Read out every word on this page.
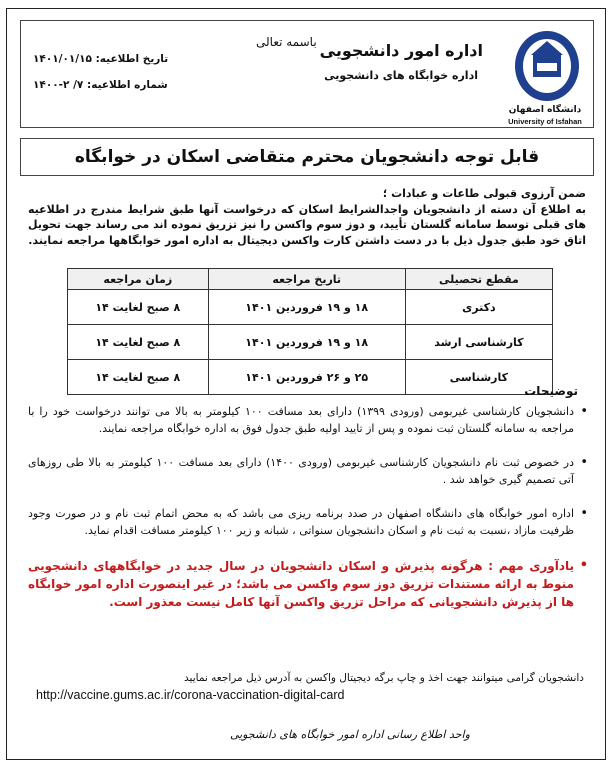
دانشگاه اصفهان
University of Isfahan
اداره امور دانشجویی
اداره خوابگاه های دانشجویی
باسمه تعالی
تاریخ اطلاعیه: ۱۴۰۱/۰۱/۱۵
شماره اطلاعیه: ۷/ ۲-۱۴۰۰
قابل توجه دانشجویان محترم متقاضی اسکان در خوابگاه

ضمن آرزوی قبولی طاعات و عبادات ؛

به اطلاع آن دسته از دانشجویان واجدالشرایط اسکان که درخواست آنها طبق شرایط مندرج در اطلاعیه های قبلی توسط سامانه گلستان تأیید، و دوز سوم واکسن را نیز تزریق نموده اند می رساند جهت تحویل اتاق خود طبق جدول ذیل با در دست داشتن کارت واکسن دیجیتال به اداره امور خوابگاهها مراجعه نمایند.

مقطع تحصیلی	تاریخ مراجعه	زمان مراجعه
دکتری	۱۸ و ۱۹ فروردین ۱۴۰۱	۸ صبح لغایت ۱۴
کارشناسی ارشد	۱۸ و ۱۹ فروردین ۱۴۰۱	۸ صبح لغایت ۱۴
کارشناسی	۲۵ و ۲۶ فروردین ۱۴۰۱	۸ صبح لغایت ۱۴
توضیحات
•
دانشجویان کارشناسی غیربومی (ورودی ۱۳۹۹) دارای بعد مسافت ۱۰۰ کیلومتر به بالا می توانند درخواست خود را با مراجعه به سامانه گلستان ثبت نموده و پس از تایید اولیه طبق جدول فوق به اداره خوابگاه مراجعه نمایند.
•
در خصوص ثبت نام دانشجویان کارشناسی غیربومی (ورودی ۱۴۰۰) دارای بعد مسافت ۱۰۰ کیلومتر به بالا طی روزهای آتی تصمیم گیری خواهد شد .
•
اداره امور خوابگاه های دانشگاه اصفهان در صدد برنامه ریزی می باشد که به محض اتمام ثبت نام و در صورت وجود ظرفیت مازاد ،نسبت به ثبت نام و اسکان دانشجویان سنواتی ، شبانه و زیر ۱۰۰ کیلومتر مسافت اقدام نماید.
•
یادآوری مهم : هرگونه پذیرش و اسکان دانشجویان در سال جدید در خوابگاههای دانشجویی منوط به ارائه مستندات تزریق دوز سوم واکسن می باشد؛ در غیر اینصورت اداره امور خوابگاه ها از پذیرش دانشجویانی که مراحل تزریق واکسن آنها کامل نیست معذور است.
دانشجویان گرامی میتوانند جهت اخذ و چاپ برگه دیجیتال واکسن به آدرس ذیل مراجعه نمایید
http://vaccine.gums.ac.ir/corona-vaccination-digital-card
واحد اطلاع رسانی اداره امور خوابگاه های دانشجویی
